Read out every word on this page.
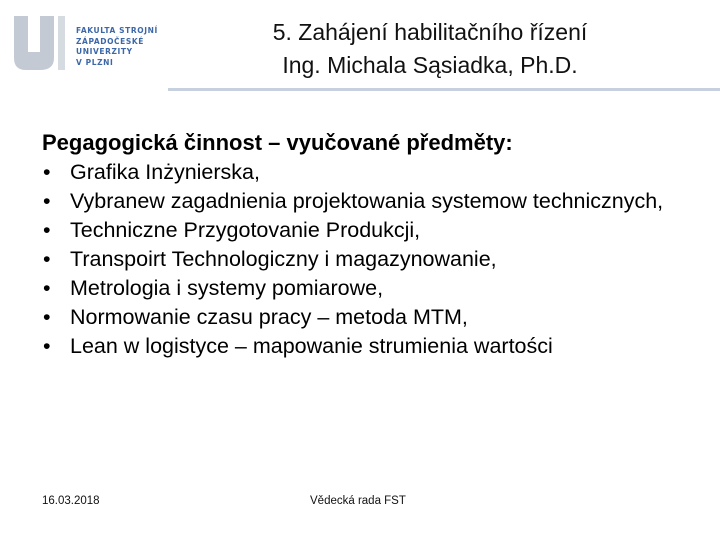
FAKULTA STROJNÍ
ZÁPADOČESKÉ
UNIVERZITY
V PLZNI
5. Zahájení habilitačního řízení
Ing. Michala Sąsiadka, Ph.D.
Pegagogická činnost – vyučované předměty:
• Grafika Inżynierska,
• Vybranew zagadnienia projektowania systemow technicznych,
• Techniczne Przygotovanie Produkcji,
• Transpoirt Technologiczny i magazynowanie,
• Metrologia i systemy pomiarowe,
• Normowanie czasu pracy – metoda MTM,
• Lean w logistyce – mapowanie strumienia wartości
16.03.2018	Vědecká rada FST
